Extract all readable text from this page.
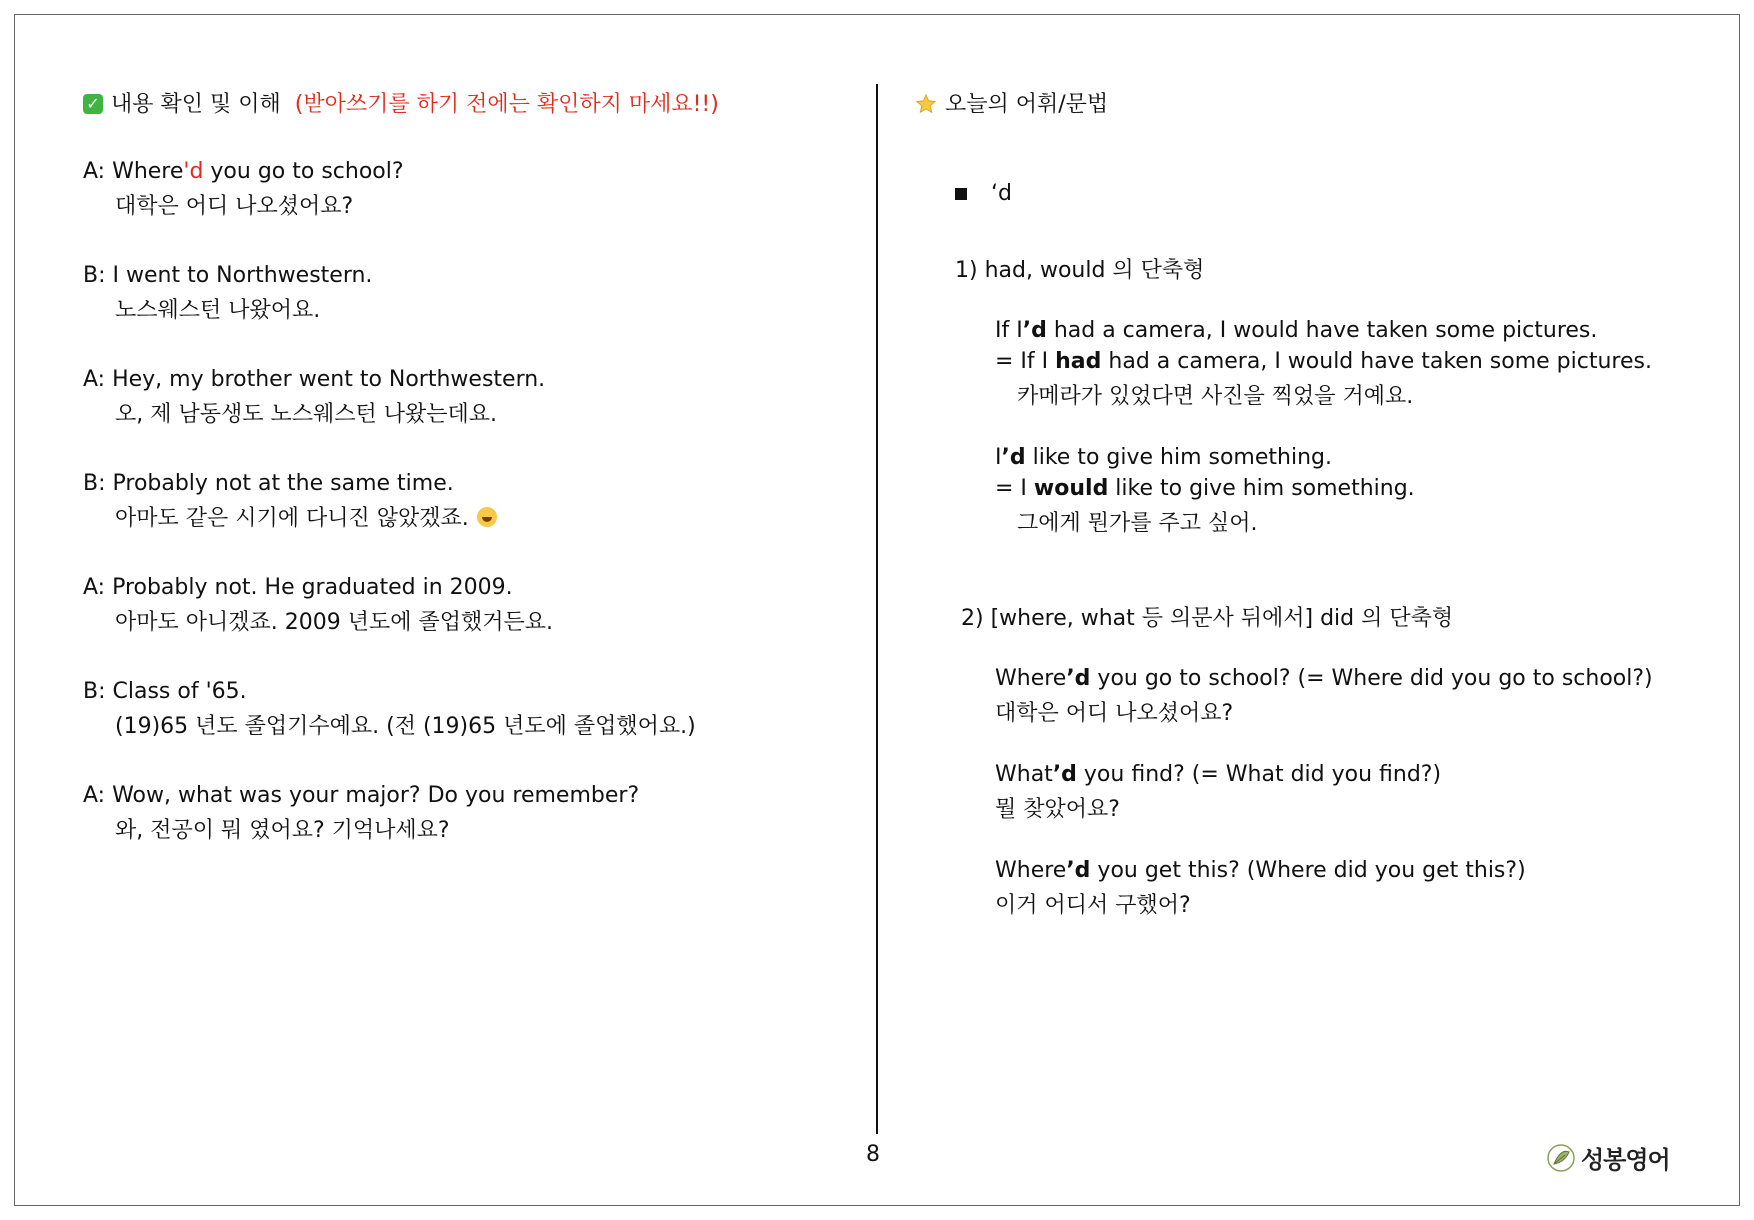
✓ 내용 확인 및 이해 (받아쓰기를 하기 전에는 확인하지 마세요!!)
A: Where'd you go to school?
대학은 어디 나오셨어요?
B: I went to Northwestern.
노스웨스턴 나왔어요.
A: Hey, my brother went to Northwestern.
오, 제 남동생도 노스웨스턴 나왔는데요.
B: Probably not at the same time.
아마도 같은 시기에 다니진 않았겠죠.
A: Probably not. He graduated in 2009.
아마도 아니겠죠. 2009 년도에 졸업했거든요.
B: Class of '65.
(19)65 년도 졸업기수예요. (전 (19)65 년도에 졸업했어요.)
A: Wow, what was your major? Do you remember?
와, 전공이 뭐 였어요? 기억나세요?
오늘의 어휘/문법
‘d
1) had, would 의 단축형
If I’d had a camera, I would have taken some pictures.
= If I had had a camera, I would have taken some pictures.
카메라가 있었다면 사진을 찍었을 거예요.
I’d like to give him something.
= I would like to give him something.
그에게 뭔가를 주고 싶어.
2) [where, what 등 의문사 뒤에서] did 의 단축형
Where’d you go to school? (= Where did you go to school?)
대학은 어디 나오셨어요?
What’d you find? (= What did you find?)
뭘 찾았어요?
Where’d you get this? (Where did you get this?)
이거 어디서 구했어?
8	성봉영어
